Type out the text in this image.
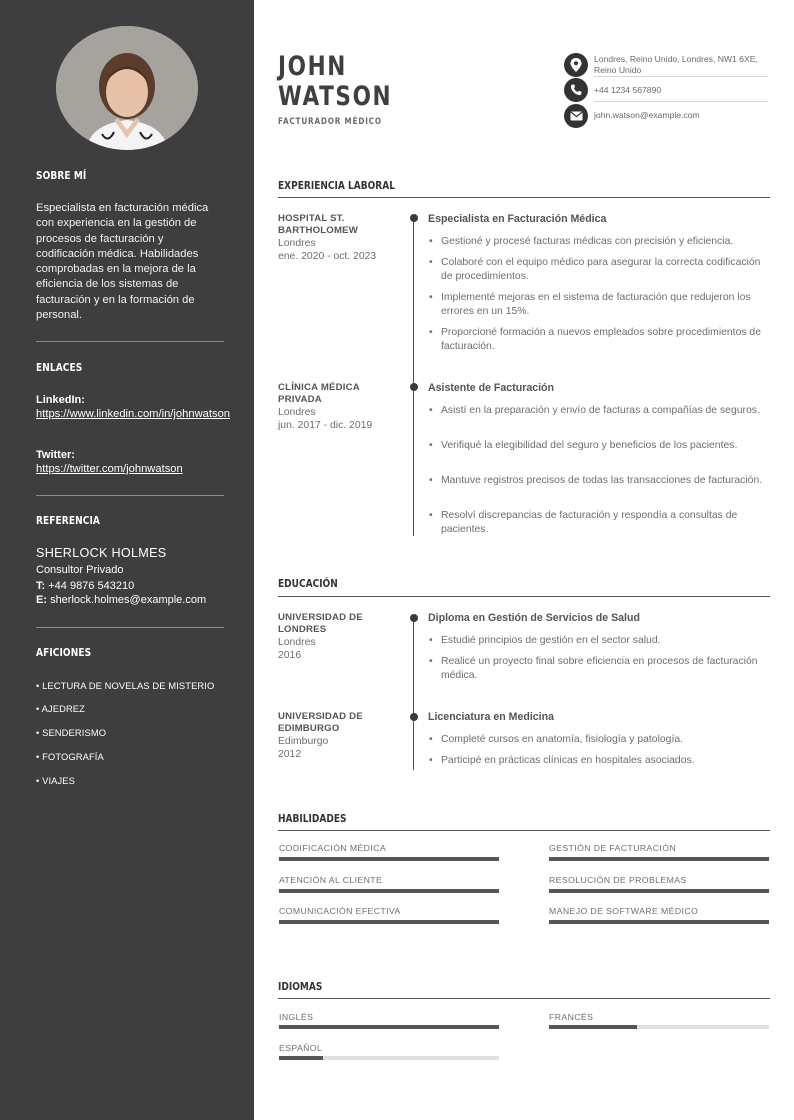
SOBRE MÍ
Especialista en facturación médica con experiencia en la gestión de procesos de facturación y codificación médica. Habilidades comprobadas en la mejora de la eficiencia de los sistemas de facturación y en la formación de personal.
ENLACES
LinkedIn:
https://www.linkedin.com/in/johnwatson
Twitter:
https://twitter.com/johnwatson
REFERENCIA
SHERLOCK HOLMES
Consultor Privado
T: +44 9876 543210
E: sherlock.holmes@example.com
AFICIONES
• LECTURA DE NOVELAS DE MISTERIO
• AJEDREZ
• SENDERISMO
• FOTOGRAFÍA
• VIAJES
JOHN
WATSON
FACTURADOR MÉDICO
Londres, Reino Unido, Londres, NW1 6XE, Reino Unido
+44 1234 567890
john.watson@example.com
EXPERIENCIA LABORAL
HOSPITAL ST. BARTHOLOMEW
Londres
ene. 2020 - oct. 2023
Especialista en Facturación Médica
• Gestioné y procesé facturas médicas con precisión y eficiencia.
• Colaboré con el equipo médico para asegurar la correcta codificación de procedimientos.
• Implementé mejoras en el sistema de facturación que redujeron los errores en un 15%.
• Proporcioné formación a nuevos empleados sobre procedimientos de facturación.
CLÍNICA MÉDICA PRIVADA
Londres
jun. 2017 - dic. 2019
Asistente de Facturación
• Asistí en la preparación y envío de facturas a compañías de seguros.
• Verifiqué la elegibilidad del seguro y beneficios de los pacientes.
• Mantuve registros precisos de todas las transacciones de facturación.
• Resolví discrepancias de facturación y respondía a consultas de pacientes.
EDUCACIÓN
UNIVERSIDAD DE LONDRES
Londres
2016
Diploma en Gestión de Servicios de Salud
• Estudié principios de gestión en el sector salud.
• Realicé un proyecto final sobre eficiencia en procesos de facturación médica.
UNIVERSIDAD DE EDIMBURGO
Edimburgo
2012
Licenciatura en Medicina
• Completé cursos en anatomía, fisiología y patología.
• Participé en prácticas clínicas en hospitales asociados.
HABILIDADES
CODIFICACIÓN MÉDICA	GESTIÓN DE FACTURACIÓN
ATENCIÓN AL CLIENTE	RESOLUCIÓN DE PROBLEMAS
COMUNICACIÓN EFECTIVA	MANEJO DE SOFTWARE MÉDICO
IDIOMAS
INGLÉS	FRANCÉS
ESPAÑOL
